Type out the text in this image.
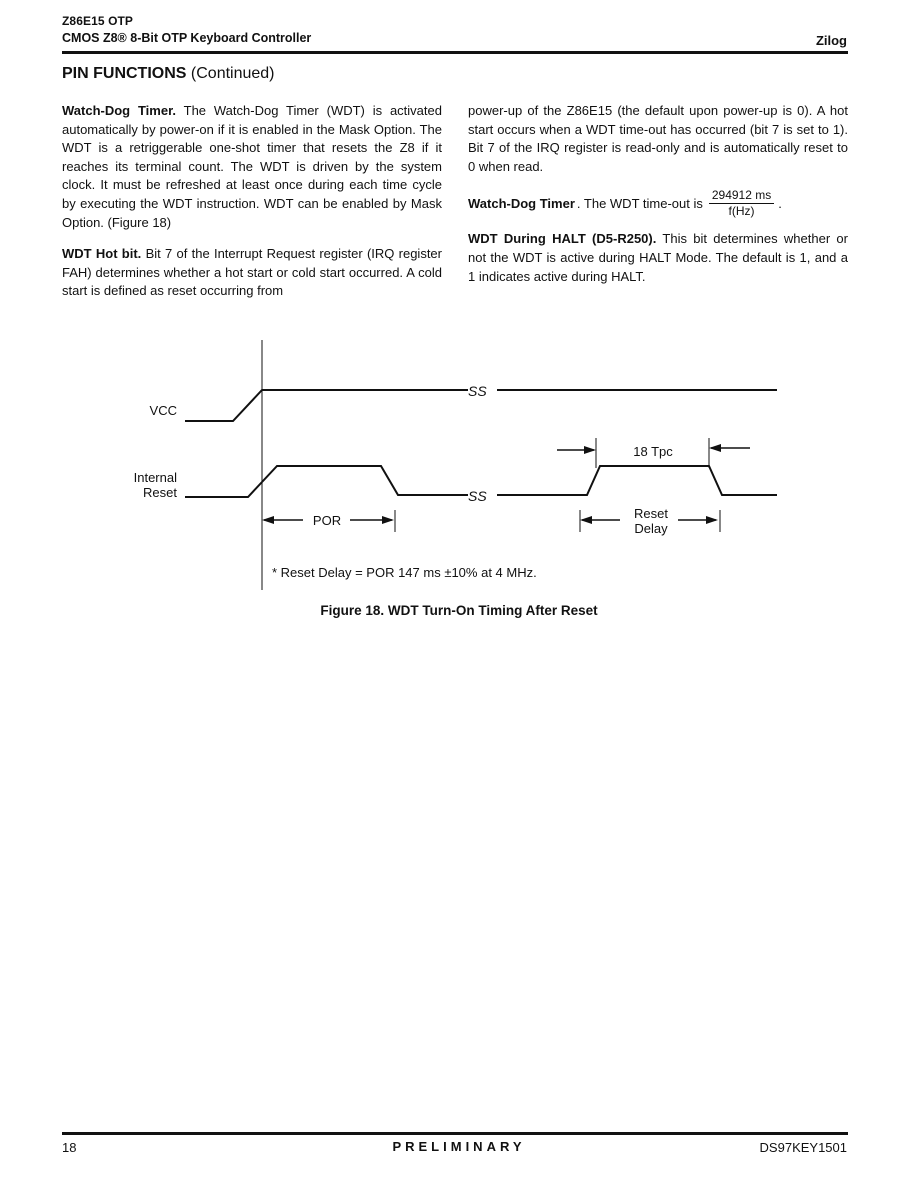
Z86E15 OTP
CMOS Z8® 8-Bit OTP Keyboard Controller	Zilog
PIN FUNCTIONS (Continued)

Watch-Dog Timer. The Watch-Dog Timer (WDT) is activated automatically by power-on if it is enabled in the Mask Option. The WDT is a retriggerable one-shot timer that resets the Z8 if it reaches its terminal count. The WDT is driven by the system clock. It must be refreshed at least once during each time cycle by executing the WDT instruction. WDT can be enabled by Mask Option. (Figure 18)

WDT Hot bit. Bit 7 of the Interrupt Request register (IRQ register FAH) determines whether a hot start or cold start occurred. A cold start is defined as reset occurring from

power-up of the Z86E15 (the default upon power-up is 0). A hot start occurs when a WDT time-out has occurred (bit 7 is set to 1). Bit 7 of the IRQ register is read-only and is automatically reset to 0 when read.

Watch-Dog Timer . The WDT time-out is $\frac{294912 ms}{f(Hz)}$ .

WDT During HALT (D5-R250). This bit determines whether or not the WDT is active during HALT Mode. The default is 1, and a 1 indicates active during HALT.

SS
VCC
SS
Internal
Reset
18 Tpc
POR	Reset
Delay
* Reset Delay = POR 147 ms ±10% at 4 MHz.
Figure 18. WDT Turn-On Timing After Reset
18	PRELIMINARY	DS97KEY1501
